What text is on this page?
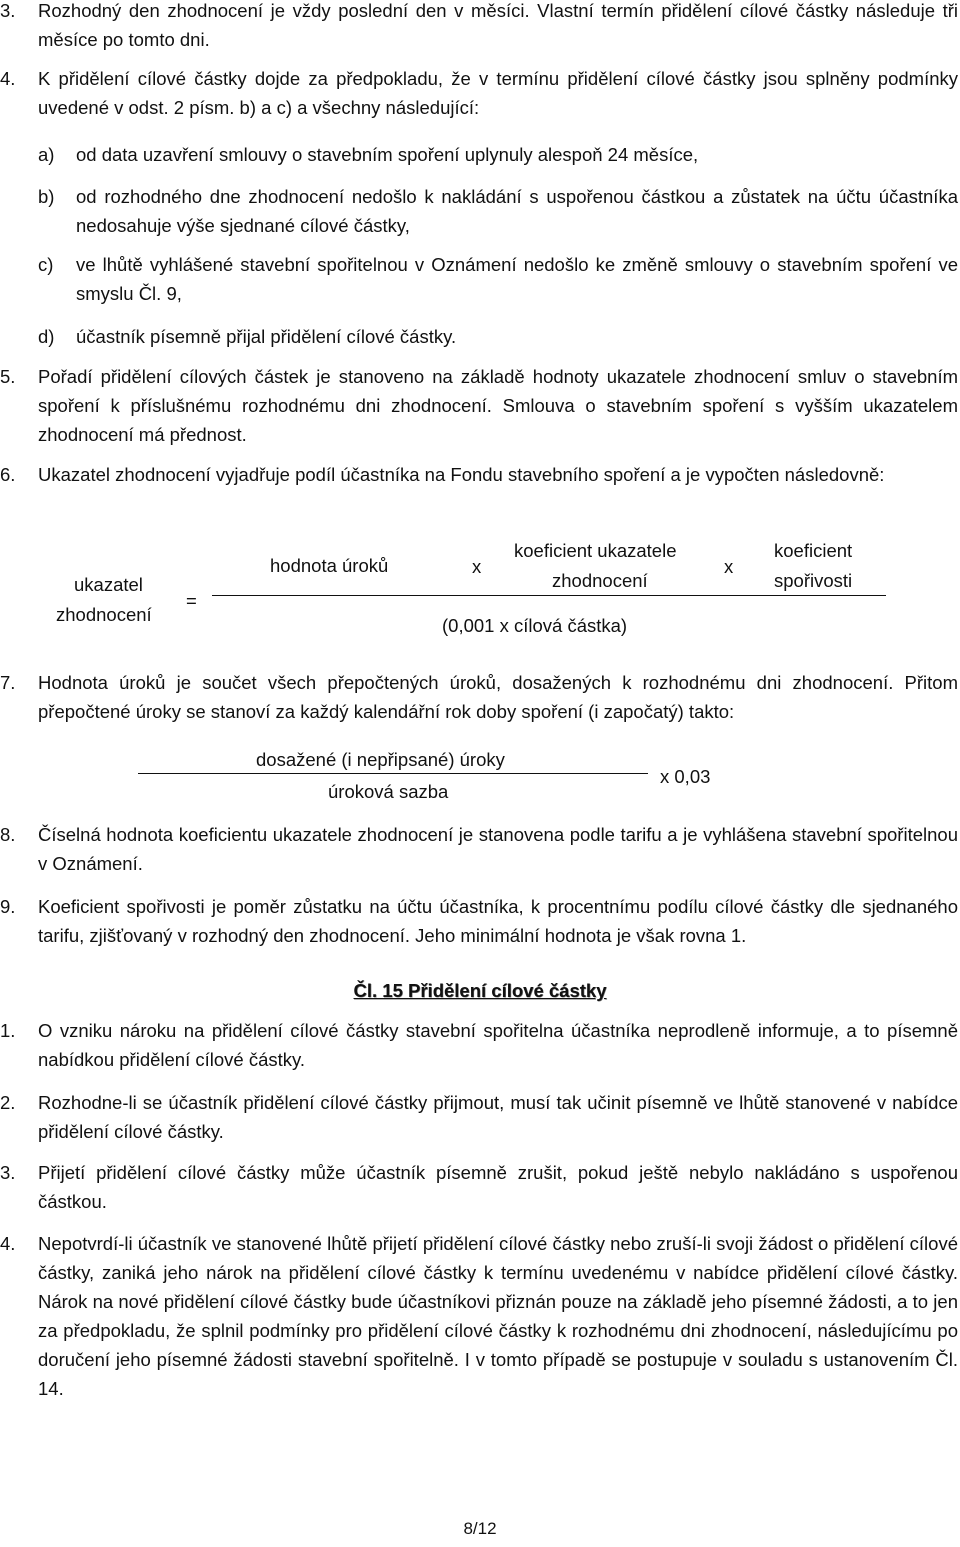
3.	Rozhodný den zhodnocení je vždy poslední den v měsíci. Vlastní termín přidělení cílové částky následuje tři měsíce po tomto dni.
4.	K přidělení cílové částky dojde za předpokladu, že v termínu přidělení cílové částky jsou splněny podmínky uvedené v odst. 2 písm. b) a c) a všechny následující:
a)	od data uzavření smlouvy o stavebním spoření uplynuly alespoň 24 měsíce,
b)	od rozhodného dne zhodnocení nedošlo k nakládání s uspořenou částkou a zůstatek na účtu účastníka nedosahuje výše sjednané cílové částky,
c)	ve lhůtě vyhlášené stavební spořitelnou v Oznámení nedošlo ke změně smlouvy o stavebním spoření ve smyslu Čl. 9,
d)	účastník písemně přijal přidělení cílové částky.
5.	Pořadí přidělení cílových částek je stanoveno na základě hodnoty ukazatele zhodnocení smluv o stavebním spoření k příslušnému rozhodnému dni zhodnocení. Smlouva o stavebním spoření s vyšším ukazatelem zhodnocení má přednost.
6.	Ukazatel zhodnocení vyjadřuje podíl účastníka na Fondu stavebního spoření a je vypočten následovně:
ukazatel
zhodnocení
=
hodnota úroků	x
koeficient ukazatele
zhodnocení
x
koeficient
spořivosti
(0,001 x cílová částka)
7.	Hodnota úroků je součet všech přepočtených úroků, dosažených k rozhodnému dni zhodnocení. Přitom přepočtené úroky se stanoví za každý kalendářní rok doby spoření (i započatý) takto:
dosažené (i nepřipsané) úroky
úroková sazba
x 0,03
8.	Číselná hodnota koeficientu ukazatele zhodnocení je stanovena podle tarifu a je vyhlášena stavební spořitelnou v Oznámení.
9.	Koeficient spořivosti je poměr zůstatku na účtu účastníka, k procentnímu podílu cílové částky dle sjednaného tarifu, zjišťovaný v rozhodný den zhodnocení. Jeho minimální hodnota je však rovna 1.
Čl. 15 Přidělení cílové částky
1.	O vzniku nároku na přidělení cílové částky stavební spořitelna účastníka neprodleně informuje, a to písemně nabídkou přidělení cílové částky.
2.	Rozhodne-li se účastník přidělení cílové částky přijmout, musí tak učinit písemně ve lhůtě stanovené v nabídce přidělení cílové částky.
3.	Přijetí přidělení cílové částky může účastník písemně zrušit, pokud ještě nebylo nakládáno s uspořenou částkou.
4.	Nepotvrdí-li účastník ve stanovené lhůtě přijetí přidělení cílové částky nebo zruší-li svoji žádost o přidělení cílové částky, zaniká jeho nárok na přidělení cílové částky k termínu uvedenému v nabídce přidělení cílové částky. Nárok na nové přidělení cílové částky bude účastníkovi přiznán pouze na základě jeho písemné žádosti, a to jen za předpokladu, že splnil podmínky pro přidělení cílové částky k rozhodnému dni zhodnocení, následujícímu po doručení jeho písemné žádosti stavební spořitelně. I v tomto případě se postupuje v souladu s ustanovením Čl. 14.
8/12
